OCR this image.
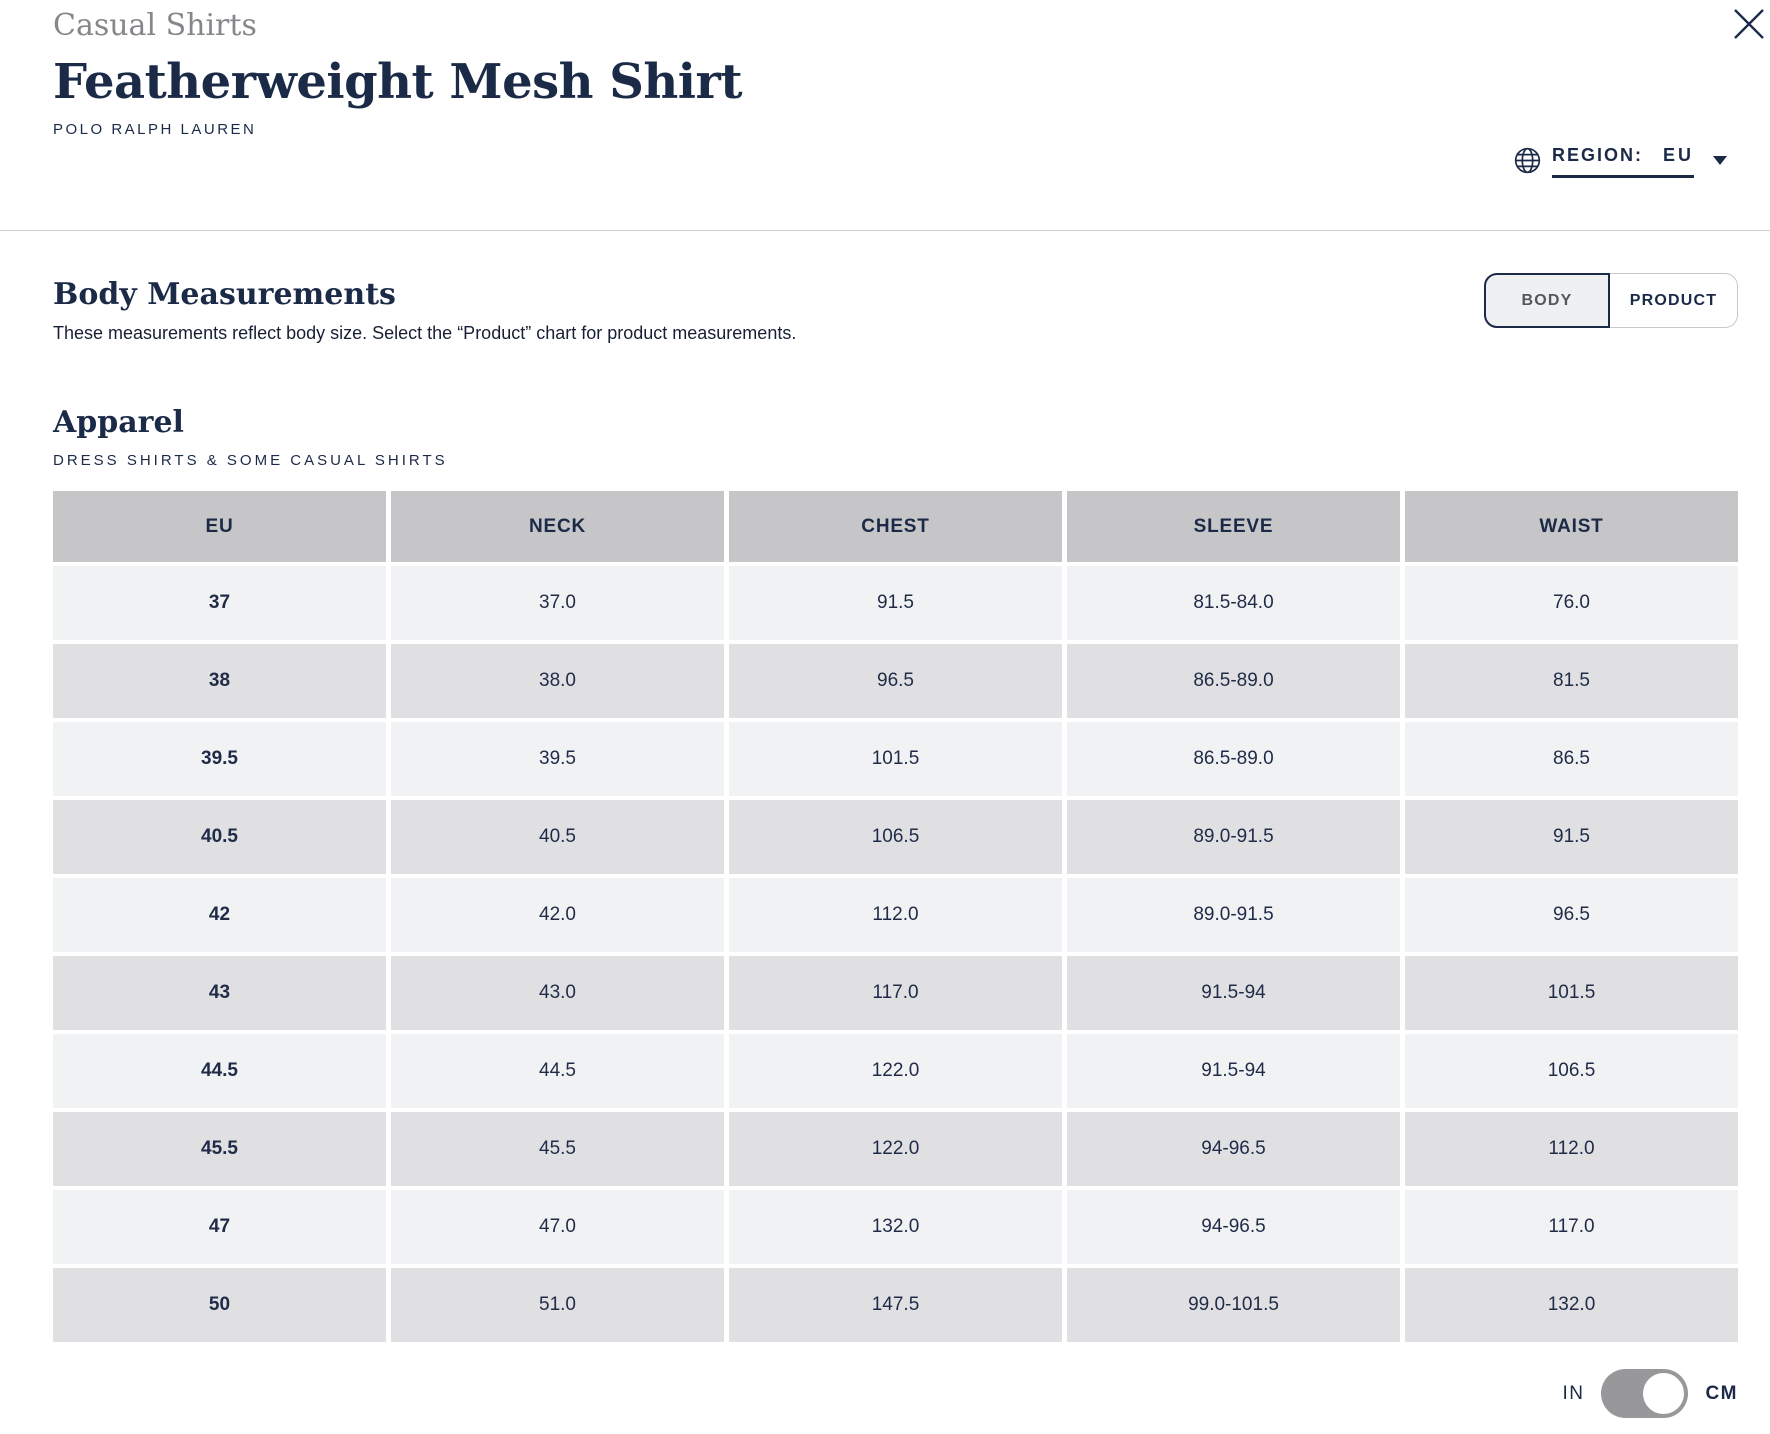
Casual Shirts
Featherweight Mesh Shirt
POLO RALPH LAUREN
REGION: EU
Body Measurements

These measurements reflect body size. Select the “Product” chart for product measurements.

BODY	PRODUCT
Apparel
DRESS SHIRTS & SOME CASUAL SHIRTS
EU	NECK	CHEST	SLEEVE	WAIST
37	37.0	91.5	81.5-84.0	76.0
38	38.0	96.5	86.5-89.0	81.5
39.5	39.5	101.5	86.5-89.0	86.5
40.5	40.5	106.5	89.0-91.5	91.5
42	42.0	112.0	89.0-91.5	96.5
43	43.0	117.0	91.5-94	101.5
44.5	44.5	122.0	91.5-94	106.5
45.5	45.5	122.0	94-96.5	112.0
47	47.0	132.0	94-96.5	117.0
50	51.0	147.5	99.0-101.5	132.0
IN	CM
